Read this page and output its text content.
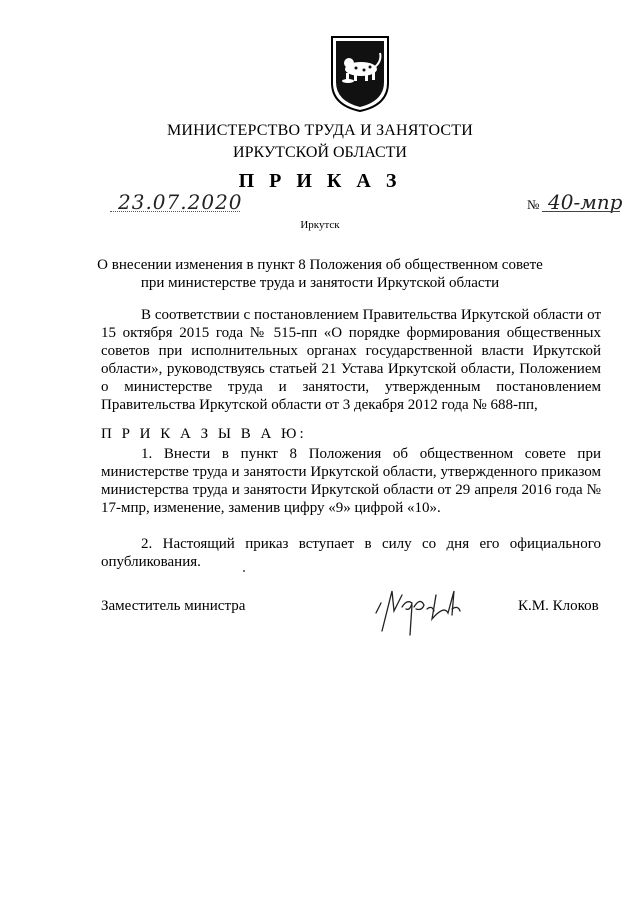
МИНИСТЕРСТВО ТРУДА И ЗАНЯТОСТИ
ИРКУТСКОЙ ОБЛАСТИ
П Р И К А З
23.07.2020	№ 40-мпр
Иркутск
О внесении изменения в пункт 8 Положения об общественном совете
при министерстве труда и занятости Иркутской области
В соответствии с постановлением Правительства Иркутской области от 15 октября 2015 года № 515-пп «О порядке формирования общественных советов при исполнительных органах государственной власти Иркутской области», руководствуясь статьей 21 Устава Иркутской области, Положением о министерстве труда и занятости, утвержденным постановлением Правительства Иркутской области от 3 декабря 2012 года № 688-пп,
П Р И К А З Ы В А Ю:
1. Внести в пункт 8 Положения об общественном совете при министерстве труда и занятости Иркутской области, утвержденного приказом министерства труда и занятости Иркутской области от 29 апреля 2016 года № 17-мпр, изменение, заменив цифру «9» цифрой «10».
2. Настоящий приказ вступает в силу со дня его официального опубликования.
Заместитель министра	К.М. Клоков
